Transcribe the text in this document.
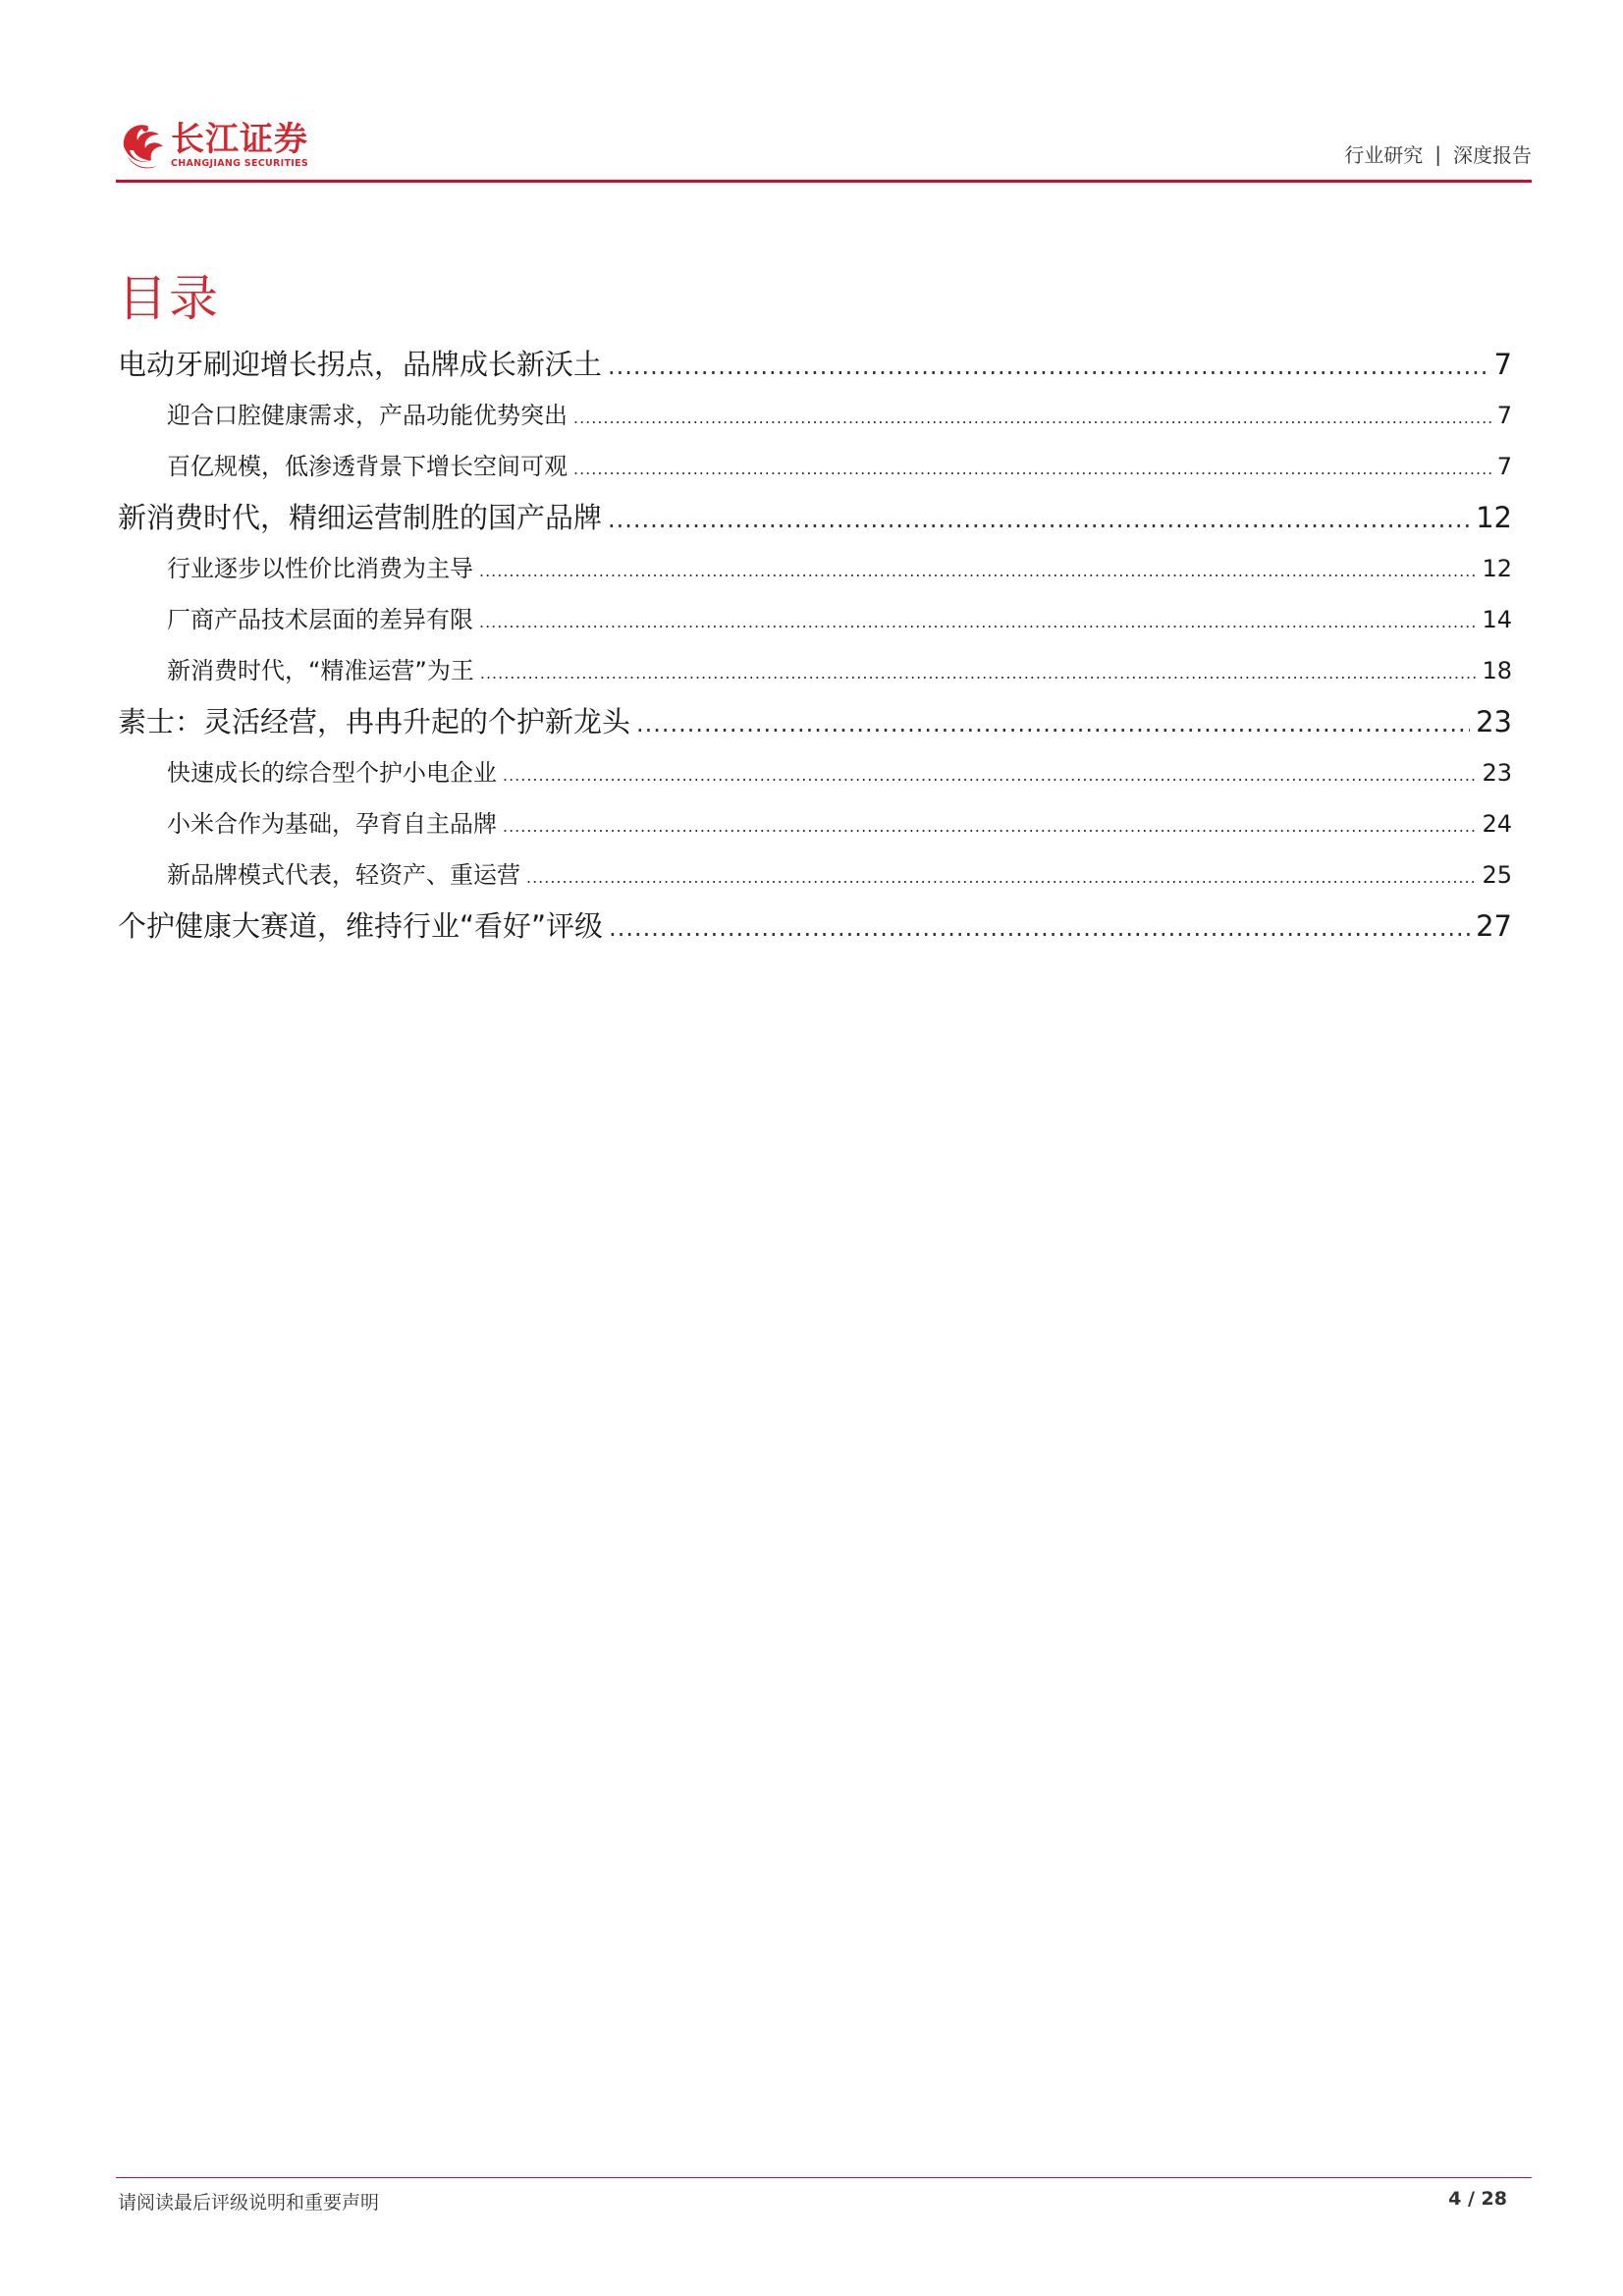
长江证券
CHANGJIANG SECURITIES	行业研究 | 深度报告
目录
电动牙刷迎增长拐点，品牌成长新沃土 .....	7
迎合口腔健康需求，产品功能优势突出 .....	7
百亿规模，低渗透背景下增长空间可观 .....	7
新消费时代，精细运营制胜的国产品牌 .....	12
行业逐步以性价比消费为主导 .....	12
厂商产品技术层面的差异有限 .....	14
新消费时代，“精准运营”为王 .....	18
素士：灵活经营，冉冉升起的个护新龙头 .....	23
快速成长的综合型个护小电企业 .....	23
小米合作为基础，孕育自主品牌 .....	24
新品牌模式代表，轻资产、重运营 .....	25
个护健康大赛道，维持行业“看好”评级 .....	27
请阅读最后评级说明和重要声明	4 / 28
